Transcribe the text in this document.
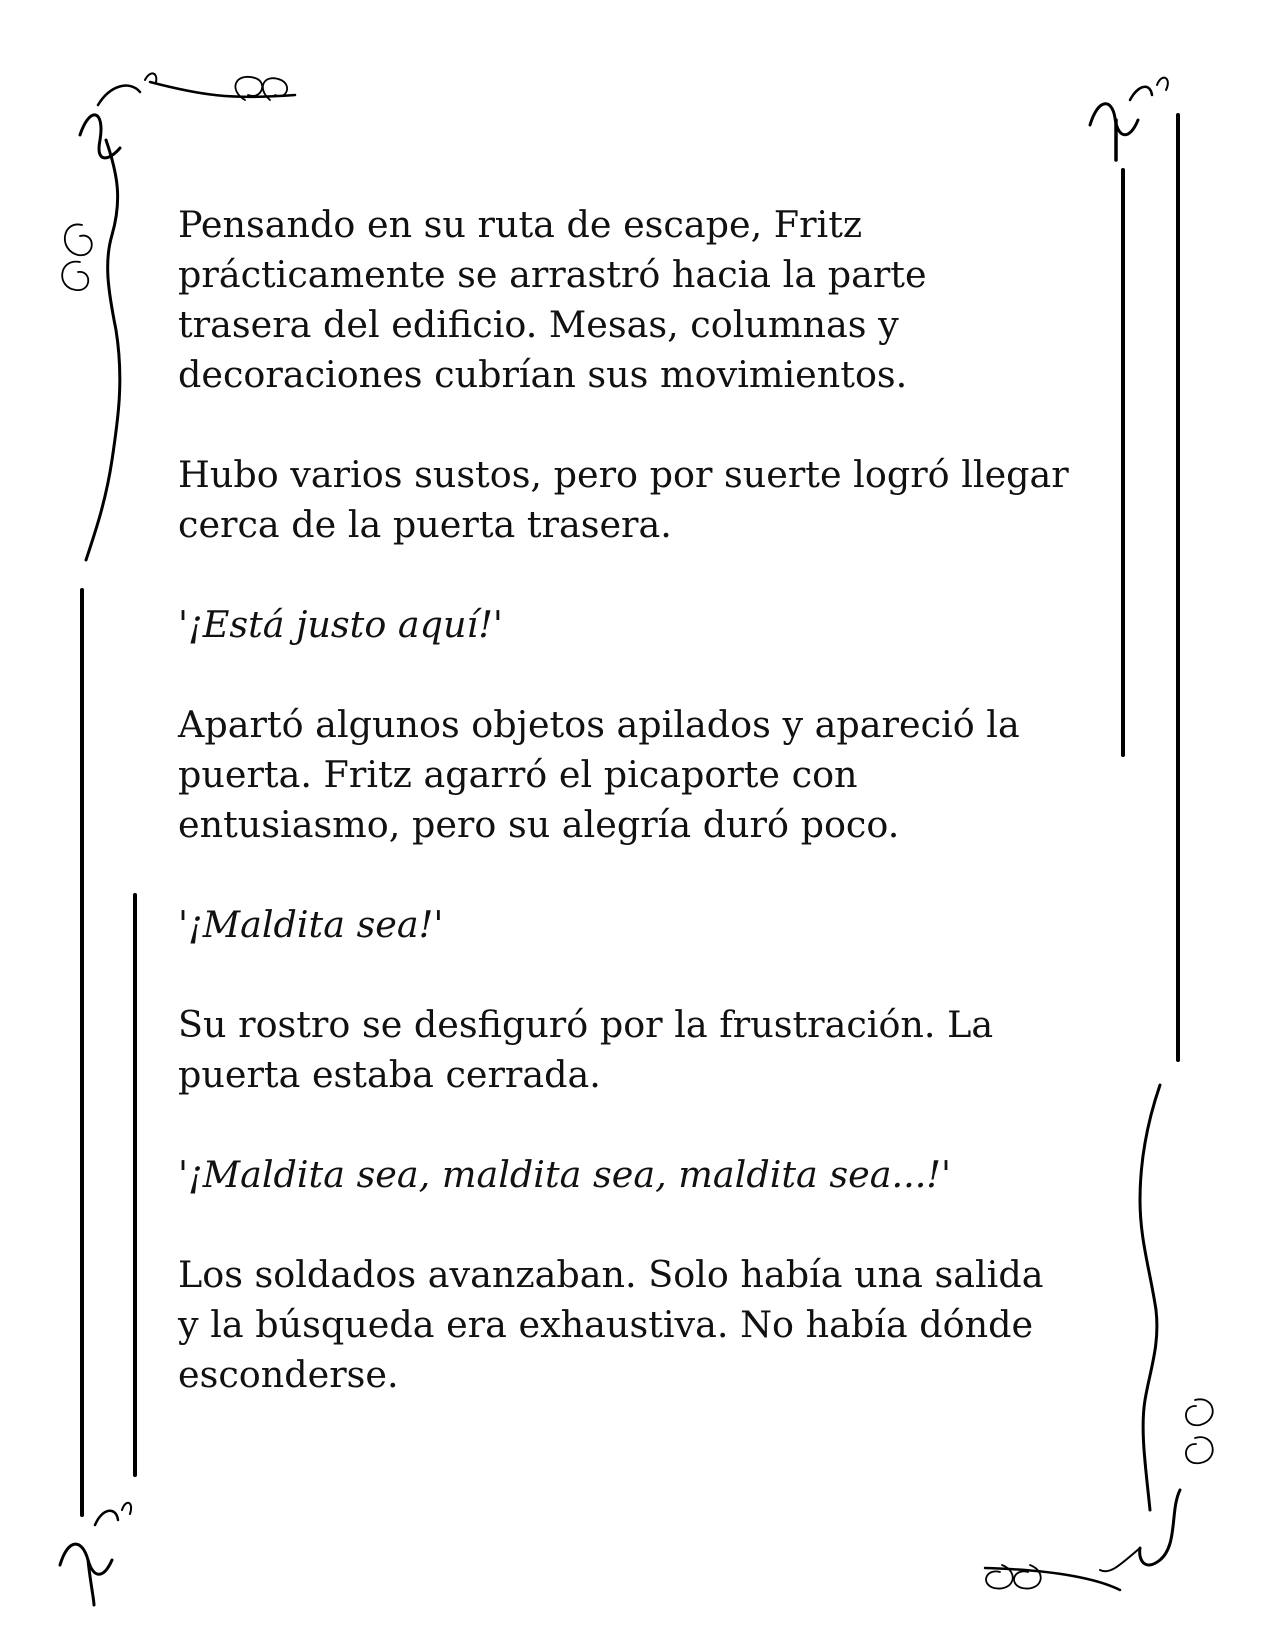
Pensando en su ruta de escape, Fritz
prácticamente se arrastró hacia la parte
trasera del edificio. Mesas, columnas y
decoraciones cubrían sus movimientos.

Hubo varios sustos, pero por suerte logró llegar
cerca de la puerta trasera.

'¡Está justo aquí!'

Apartó algunos objetos apilados y apareció la
puerta. Fritz agarró el picaporte con
entusiasmo, pero su alegría duró poco.

'¡Maldita sea!'

Su rostro se desfiguró por la frustración. La
puerta estaba cerrada.

'¡Maldita sea, maldita sea, maldita sea...!'

Los soldados avanzaban. Solo había una salida
y la búsqueda era exhaustiva. No había dónde
esconderse.
